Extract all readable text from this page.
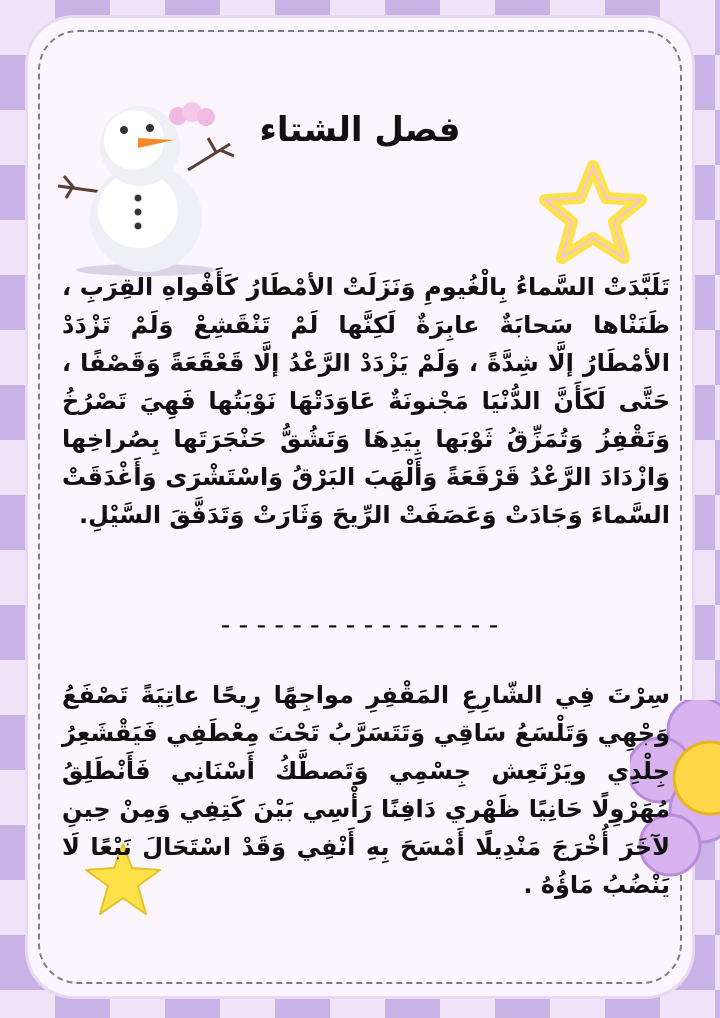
فصل الشتاء

تَلَبَّدَتْ السَّماءُ بِالْغُيومِ وَنَزَلَتْ الأمْطَارُ كَأَفْواهِ القِرَبِ ، ظَنَنْاها سَحابَةٌ عابِرَةٌ لَكِنَّها لَمْ تَنْقَشِعْ وَلَمْ تَزْدَدْ الأمْطَارُ إلَّا شِدَّةً ، وَلَمْ يَزْدَدْ الرَّعْدُ إلَّا قَعْقَعَةً وَقَصْفًا ، حَتَّى لَكَأَنَّ الدُّنْيَا مَجْنونَةٌ عَاوَدَتْهَا نَوْبَتُها فَهِيَ تَصْرُخُ وَتَقْفِزُ وَتُمَزِّقُ ثَوْبَها بِيَدِهَا وَتَشُقُّ حَنْجَرَتَها بِصُراخِها وَازْدَادَ الرَّعْدُ قَرْقَعَةً وَأَلْهَبَ البَرْقُ وَاسْتَشْرَى وَأَغْدَقَتْ السَّماءَ وَجَادَتْ وَعَصَفَتْ الرِّيحَ وَثَارَتْ وَتَدَفَّقَ السَّيْلِ.

----------------

سِرْتَ فِي الشّارِعِ المَقْفِرِ مواجِهًا رِيحًا عاتِيَةً تَصْفَعُ وَجْهِي وَتَلْسَعُ سَاقِي وَتَتَسَرَّبُ تَحْتَ مِعْطَفِي فَيَقْشَعِرُ جِلْدِي ويَرْتَعِش جِسْمِي وَتَصطَّكُ أَسْنَانِي فَأَنْطَلِقُ مُهَرْوِلًا حَانِيًا ظَهْري دَافِنًا رَأْسِي بَيْنَ كَتِفِي وَمِنْ حِينِ لآخَرَ أُخْرَجَ مَنْدِيلًا أَمْسَحَ بِهِ أَنْفِي وَقَدْ اسْتَحَالَ نَبْعًا لَا يَنْضُبُ مَاؤُهُ .
